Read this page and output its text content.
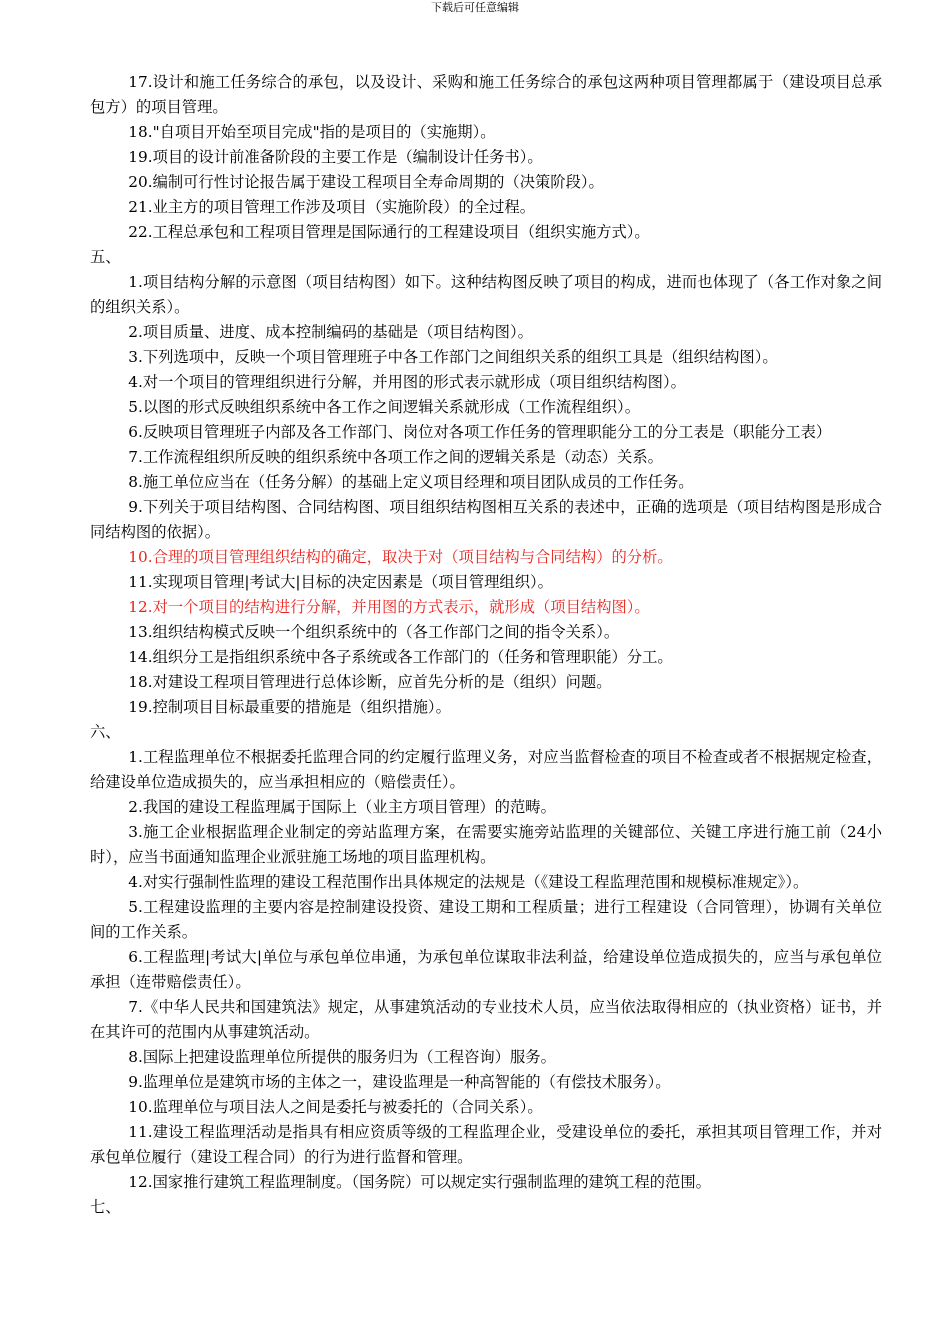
下载后可任意编辑

17.设计和施工任务综合的承包，以及设计、采购和施工任务综合的承包这两种项目管理都属于（建设项目总承包方）的项目管理。

18."自项目开始至项目完成"指的是项目的（实施期）。

19.项目的设计前准备阶段的主要工作是（编制设计任务书）。

20.编制可行性讨论报告属于建设工程项目全寿命周期的（决策阶段）。

21.业主方的项目管理工作涉及项目（实施阶段）的全过程。

22.工程总承包和工程项目管理是国际通行的工程建设项目（组织实施方式）。

五、

1.项目结构分解的示意图（项目结构图）如下。这种结构图反映了项目的构成，进而也体现了（各工作对象之间的组织关系）。

2.项目质量、进度、成本控制编码的基础是（项目结构图）。

3.下列选项中，反映一个项目管理班子中各工作部门之间组织关系的组织工具是（组织结构图）。

4.对一个项目的管理组织进行分解，并用图的形式表示就形成（项目组织结构图）。

5.以图的形式反映组织系统中各工作之间逻辑关系就形成（工作流程组织）。

6.反映项目管理班子内部及各工作部门、岗位对各项工作任务的管理职能分工的分工表是（职能分工表）

7.工作流程组织所反映的组织系统中各项工作之间的逻辑关系是（动态）关系。

8.施工单位应当在（任务分解）的基础上定义项目经理和项目团队成员的工作任务。

9.下列关于项目结构图、合同结构图、项目组织结构图相互关系的表述中，正确的选项是（项目结构图是形成合同结构图的依据）。

10.合理的项目管理组织结构的确定，取决于对（项目结构与合同结构）的分析。

11.实现项目管理|考试大|目标的决定因素是（项目管理组织）。

12.对一个项目的结构进行分解，并用图的方式表示，就形成（项目结构图）。

13.组织结构模式反映一个组织系统中的（各工作部门之间的指令关系）。

14.组织分工是指组织系统中各子系统或各工作部门的（任务和管理职能）分工。

18.对建设工程项目管理进行总体诊断，应首先分析的是（组织）问题。

19.控制项目目标最重要的措施是（组织措施）。

六、

1.工程监理单位不根据委托监理合同的约定履行监理义务，对应当监督检查的项目不检查或者不根据规定检查，给建设单位造成损失的，应当承担相应的（赔偿责任）。

2.我国的建设工程监理属于国际上（业主方项目管理）的范畴。

3.施工企业根据监理企业制定的旁站监理方案，在需要实施旁站监理的关键部位、关键工序进行施工前（24小时），应当书面通知监理企业派驻施工场地的项目监理机构。

4.对实行强制性监理的建设工程范围作出具体规定的法规是（《建设工程监理范围和规模标准规定》）。

5.工程建设监理的主要内容是控制建设投资、建设工期和工程质量；进行工程建设（合同管理），协调有关单位间的工作关系。

6.工程监理|考试大|单位与承包单位串通，为承包单位谋取非法利益，给建设单位造成损失的，应当与承包单位承担（连带赔偿责任）。

7.《中华人民共和国建筑法》规定，从事建筑活动的专业技术人员，应当依法取得相应的（执业资格）证书，并在其许可的范围内从事建筑活动。

8.国际上把建设监理单位所提供的服务归为（工程咨询）服务。

9.监理单位是建筑市场的主体之一，建设监理是一种高智能的（有偿技术服务）。

10.监理单位与项目法人之间是委托与被委托的（合同关系）。

11.建设工程监理活动是指具有相应资质等级的工程监理企业，受建设单位的委托，承担其项目管理工作，并对承包单位履行（建设工程合同）的行为进行监督和管理。

12.国家推行建筑工程监理制度。（国务院）可以规定实行强制监理的建筑工程的范围。

七、
